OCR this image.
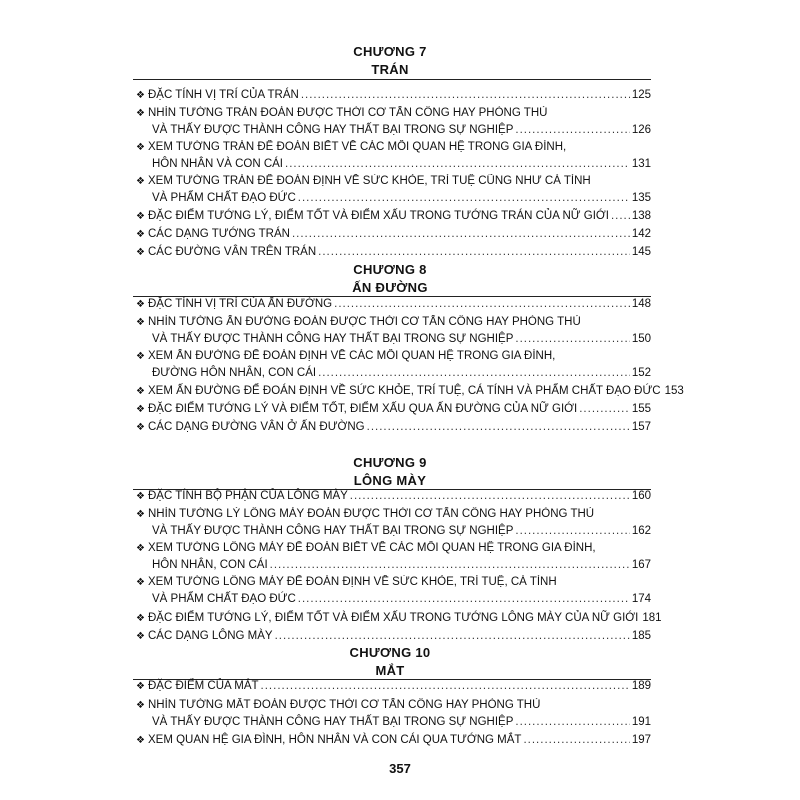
CHƯƠNG 7
TRÁN
❖ ĐẶC TÍNH VỊ TRÍ CỦA TRÁN .....	125
❖ NHÌN TƯỚNG TRÁN ĐOÁN ĐƯỢC THỜI CƠ TẤN CÔNG HAY PHÒNG THỦ
VÀ THẤY ĐƯỢC THÀNH CÔNG HAY THẤT BẠI TRONG SỰ NGHIỆP .....	126
❖ XEM TƯỚNG TRÁN ĐỂ ĐOÁN BIẾT VỀ CÁC MỐI QUAN HỆ TRONG GIA ĐÌNH,
HÔN NHÂN VÀ CON CÁI .....	131
❖ XEM TƯỚNG TRÁN ĐỂ ĐOÁN ĐỊNH VỀ SỨC KHỎE, TRÍ TUỆ CŨNG NHƯ CÁ TÍNH
VÀ PHẨM CHẤT ĐẠO ĐỨC .....	135
❖ ĐẶC ĐIỂM TƯỚNG LÝ, ĐIỂM TỐT VÀ ĐIỂM XẤU TRONG TƯỚNG TRÁN CỦA NỮ GIỚI ..... 138
❖ CÁC DẠNG TƯỚNG TRÁN .....	142
❖ CÁC ĐƯỜNG VÂN TRÊN TRÁN .....	145
CHƯƠNG 8
ẤN ĐƯỜNG
❖ ĐẶC TÍNH VỊ TRÍ CỦA ẤN ĐƯỜNG .....	148
❖ NHÌN TƯỚNG ẤN ĐƯỜNG ĐOÁN ĐƯỢC THỜI CƠ TẤN CÔNG HAY PHÒNG THỦ
VÀ THẤY ĐƯỢC THÀNH CÔNG HAY THẤT BẠI TRONG SỰ NGHIỆP .....	150
❖ XEM ẤN ĐƯỜNG ĐỂ ĐOÁN ĐỊNH VỀ CÁC MỐI QUAN HỆ TRONG GIA ĐÌNH,
ĐƯỜNG HÔN NHÂN, CON CÁI .....	152
❖ XEM ẤN ĐƯỜNG ĐỂ ĐOÁN ĐỊNH VỀ SỨC KHỎE, TRÍ TUỆ, CÁ TÍNH VÀ PHẨM CHẤT ĐẠO ĐỨC 153
❖ ĐẶC ĐIỂM TƯỚNG LÝ VÀ ĐIỂM TỐT, ĐIỂM XẤU QUA ẤN ĐƯỜNG CỦA NỮ GIỚI .....	155
❖ CÁC DẠNG ĐƯỜNG VÂN Ở ẤN ĐƯỜNG .....	157
CHƯƠNG 9
LÔNG MÀY
❖ ĐẶC TÍNH BỘ PHẬN CỦA LÔNG MÀY .....	160
❖ NHÌN TƯỚNG LÝ LÔNG MÀY ĐOÁN ĐƯỢC THỜI CƠ TẤN CÔNG HAY PHÒNG THỦ
VÀ THẤY ĐƯỢC THÀNH CÔNG HAY THẤT BẠI TRONG SỰ NGHIỆP .....	162
❖ XEM TƯỚNG LÔNG MÀY ĐỂ ĐOÁN BIẾT VỀ CÁC MỐI QUAN HỆ TRONG GIA ĐÌNH,
HÔN NHÂN, CON CÁI .....	167
❖ XEM TƯỚNG LÔNG MÀY ĐỂ ĐOÁN ĐỊNH VỀ SỨC KHỎE, TRÍ TUỆ, CÁ TÍNH
VÀ PHẨM CHẤT ĐẠO ĐỨC .....	174
❖ ĐẶC ĐIỂM TƯỚNG LÝ, ĐIỂM TỐT VÀ ĐIỂM XẤU TRONG TƯỚNG LÔNG MÀY CỦA NỮ GIỚI 181
❖ CÁC DẠNG LÔNG MÀY .....	185
CHƯƠNG 10
MẮT
❖ ĐẶC ĐIỂM CỦA MẮT .....	189
❖ NHÌN TƯỚNG MẮT ĐOÁN ĐƯỢC THỜI CƠ TẤN CÔNG HAY PHÒNG THỦ
VÀ THẤY ĐƯỢC THÀNH CÔNG HAY THẤT BẠI TRONG SỰ NGHIỆP .....	191
❖ XEM QUAN HỆ GIA ĐÌNH, HÔN NHÂN VÀ CON CÁI QUA TƯỚNG MẮT .....	197
357
